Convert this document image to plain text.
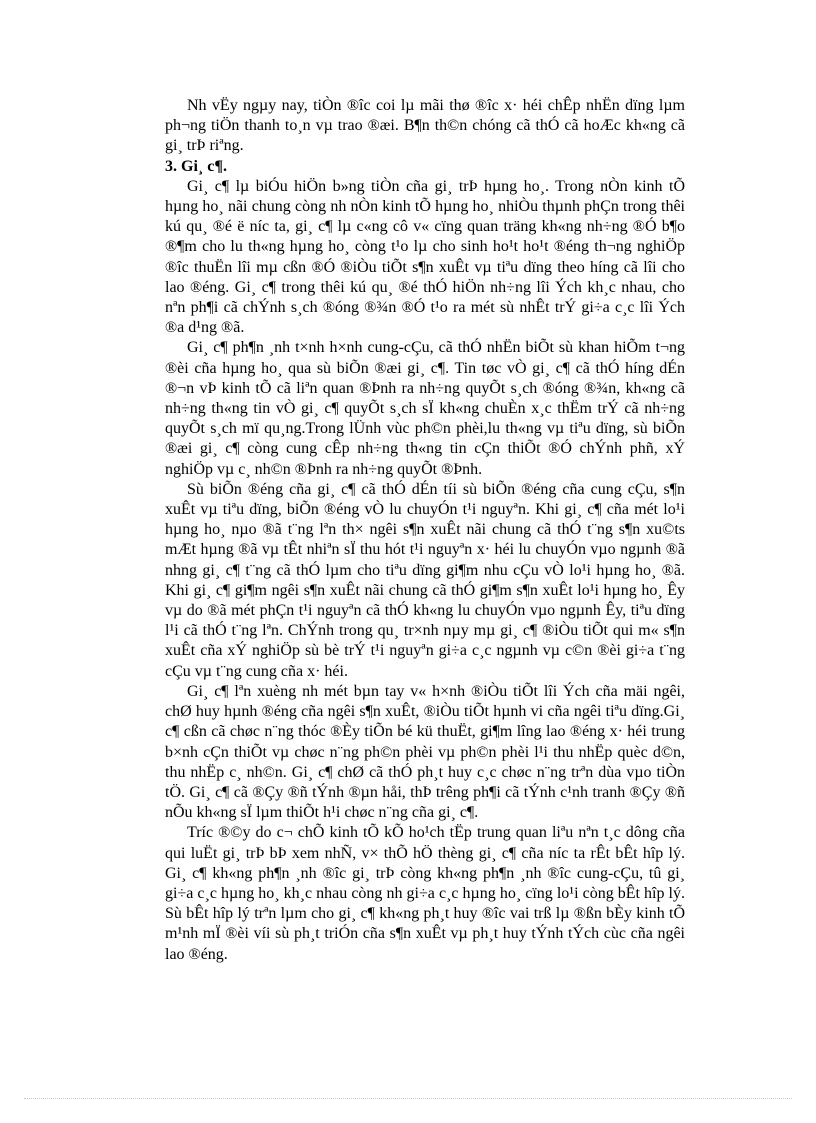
Nh vËy ngµy nay, tiÒn ®îc coi lµ mãi thø ®îc x· héi chÊp nhËn dïng lµm ph¬ng tiÖn thanh to¸n vµ trao ®æi. B¶n th©n chóng cã thÓ cã hoÆc kh«ng cã gi¸ trÞ riªng.

3. Gi¸ c¶.

Gi¸ c¶ lµ biÓu hiÖn b»ng tiÒn cña gi¸ trÞ hµng ho¸. Trong nÒn kinh tÕ hµng ho¸ nãi chung còng nh nÒn kinh tÕ hµng ho¸ nhiÒu thµnh phÇn trong thêi kú qu¸ ®é ë níc ta, gi¸ c¶ lµ c«ng cô v« cïng quan träng kh«ng nh÷ng ®Ó b¶o ®¶m cho lu th«ng hµng ho¸ còng t¹o lµ cho sinh ho¹t ho¹t ®éng th¬ng nghiÖp ®îc thuËn lîi mµ cßn ®Ó ®iÒu tiÕt s¶n xuÊt vµ tiªu dïng theo híng cã lîi cho lao ®éng. Gi¸ c¶ trong thêi kú qu¸ ®é thÓ hiÖn nh÷ng lîi Ých kh¸c nhau, cho nªn ph¶i cã chÝnh s¸ch ®óng ®¾n ®Ó t¹o ra mét sù nhÊt trÝ gi÷a c¸c lîi Ých ®a d¹ng ®ã.

Gi¸ c¶ ph¶n ¸nh t×nh h×nh cung-cÇu, cã thÓ nhËn biÕt sù khan hiÕm t¬ng ®èi cña hµng ho¸ qua sù biÕn ®æi gi¸ c¶. Tin tøc vÒ gi¸ c¶ cã thÓ híng dÉn ®¬n vÞ kinh tÕ cã liªn quan ®Þnh ra nh÷ng quyÕt s¸ch ®óng ®¾n, kh«ng cã nh÷ng th«ng tin vÒ gi¸ c¶ quyÕt s¸ch sÏ kh«ng chuÈn x¸c thËm trÝ cã nh÷ng quyÕt s¸ch mï qu¸ng.Trong lÜnh vùc ph©n phèi,lu th«ng vµ tiªu dïng, sù biÕn ®æi gi¸ c¶ còng cung cÊp nh÷ng th«ng tin cÇn thiÕt ®Ó chÝnh phñ, xÝ nghiÖp vµ c¸ nh©n ®Þnh ra nh÷ng quyÕt ®Þnh.

Sù biÕn ®éng cña gi¸ c¶ cã thÓ dÉn tíi sù biÕn ®éng cña cung cÇu, s¶n xuÊt vµ tiªu dïng, biÕn ®éng vÒ lu chuyÓn t¹i nguyªn. Khi gi¸ c¶ cña mét lo¹i hµng ho¸ nµo ®ã t¨ng lªn th× ngêi s¶n xuÊt nãi chung cã thÓ t¨ng s¶n xu©ts mÆt hµng ®ã vµ tÊt nhiªn sÏ thu hót t¹i nguyªn x· héi lu chuyÓn vµo ngµnh ®ã nhng gi¸ c¶ t¨ng cã thÓ lµm cho tiªu dïng gi¶m nhu cÇu vÒ lo¹i hµng ho¸ ®ã. Khi gi¸ c¶ gi¶m ngêi s¶n xuÊt nãi chung cã thÓ gi¶m s¶n xuÊt lo¹i hµng ho¸ Êy vµ do ®ã mét phÇn t¹i nguyªn cã thÓ kh«ng lu chuyÓn vµo ngµnh Êy, tiªu dïng l¹i cã thÓ t¨ng lªn. ChÝnh trong qu¸ tr×nh nµy mµ gi¸ c¶ ®iÒu tiÕt qui m« s¶n xuÊt cña xÝ nghiÖp sù bè trÝ t¹i nguyªn gi÷a c¸c ngµnh vµ c©n ®èi gi÷a t¨ng cÇu vµ t¨ng cung cña x· héi.

Gi¸ c¶ lªn xuèng nh mét bµn tay v« h×nh ®iÒu tiÕt lîi Ých cña mäi ngêi, chØ huy hµnh ®éng cña ngêi s¶n xuÊt, ®iÒu tiÕt hµnh vi cña ngêi tiªu dïng.Gi¸ c¶ cßn cã chøc n¨ng thóc ®Èy tiÕn bé kü thuËt, gi¶m lîng lao ®éng x· héi trung b×nh cÇn thiÕt vµ chøc n¨ng ph©n phèi vµ ph©n phèi l¹i thu nhËp quèc d©n, thu nhËp c¸ nh©n. Gi¸ c¶ chØ cã thÓ ph¸t huy c¸c chøc n¨ng trªn dùa vµo tiÒn tÖ. Gi¸ c¶ cã ®Çy ®ñ tÝnh ®µn håi, thÞ trêng ph¶i cã tÝnh c¹nh tranh ®Çy ®ñ nÕu kh«ng sÏ lµm thiÕt h¹i chøc n¨ng cña gi¸ c¶.

Tríc ®©y do c¬ chÕ kinh tÕ kÕ ho¹ch tËp trung quan liªu nªn t¸c dông cña qui luËt gi¸ trÞ bÞ xem nhÑ, v× thÕ hÖ thèng gi¸ c¶ cña níc ta rÊt bÊt hîp lý. Gi¸ c¶ kh«ng ph¶n ¸nh ®îc gi¸ trÞ còng kh«ng ph¶n ¸nh ®îc cung-cÇu, tû gi¸ gi÷a c¸c hµng ho¸ kh¸c nhau còng nh gi÷a c¸c hµng ho¸ cïng lo¹i còng bÊt hîp lý. Sù bÊt hîp lý trªn lµm cho gi¸ c¶ kh«ng ph¸t huy ®îc vai trß lµ ®ßn bÈy kinh tÕ m¹nh mÏ ®èi víi sù ph¸t triÓn cña s¶n xuÊt vµ ph¸t huy tÝnh tÝch cùc cña ngêi lao ®éng.
